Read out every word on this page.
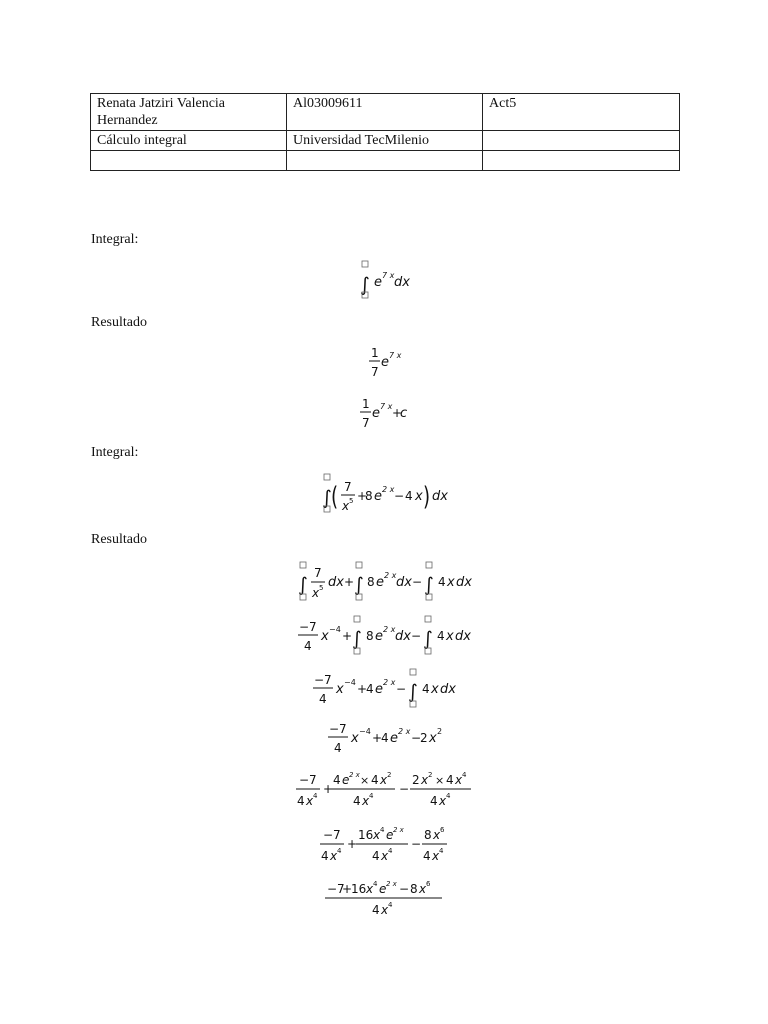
Renata Jatziri Valencia Hernandez	Al03009611	Act5
Cálculo integral	Universidad TecMilenio	

Integral:
Resultado
Integral:
Resultado
∫ e 7 x dx
1
7
e 7 x
1
7
e 7 x +
c
∫ ( 7
x 5 +
8 e 2 x − 4 x ) dx
∫
7
x 5 dx + ∫ 8 e 2 x dx − ∫ 4 x dx
−7
4
x −4 + ∫ 8 e 2 x dx − ∫ 4 x dx
−7
4
x −4 +
4 e 2 x − ∫ 4 x dx
−7
4
x −4 +
4 e 2 x −
2 x 2
−7
4 x 4 +
4 e 2 x × 4 x 2
4 x 4 −
2 x 2 × 4 x 4
4 x 4
−7
4 x 4 +
16 x 4 e 2 x
4 x 4 −
8 x 6
4 x 4
−7
+
16 x 4 e 2 x − 8 x 6
4 x 4
